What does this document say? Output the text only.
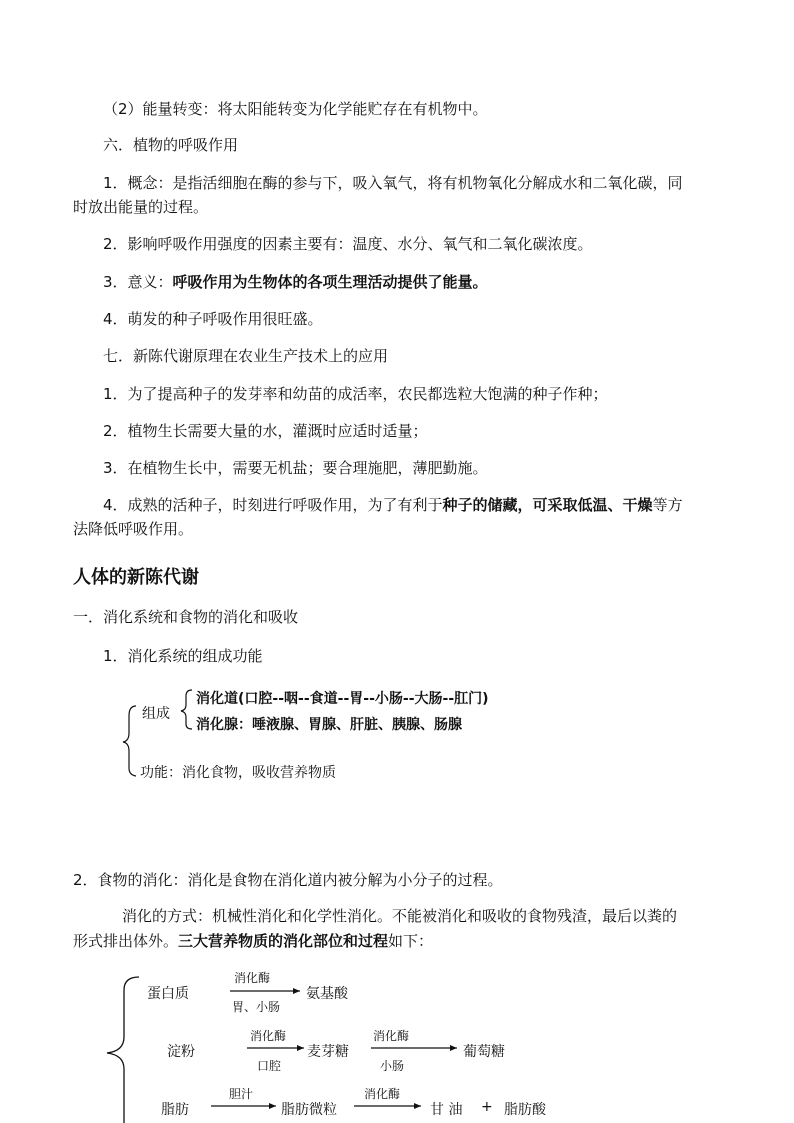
（2）能量转变：将太阳能转变为化学能贮存在有机物中。
六．植物的呼吸作用
1．概念：是指活细胞在酶的参与下，吸入氧气，将有机物氧化分解成水和二氧化碳，同
时放出能量的过程。
2．影响呼吸作用强度的因素主要有：温度、水分、氧气和二氧化碳浓度。
3．意义：呼吸作用为生物体的各项生理活动提供了能量。
4．萌发的种子呼吸作用很旺盛。
七．新陈代谢原理在农业生产技术上的应用
1．为了提高种子的发芽率和幼苗的成活率，农民都选粒大饱满的种子作种；
2．植物生长需要大量的水，灌溉时应适时适量；
3．在植物生长中，需要无机盐；要合理施肥，薄肥勤施。
4．成熟的活种子，时刻进行呼吸作用，为了有利于种子的储藏，可采取低温、干燥等方
法降低呼吸作用。
人体的新陈代谢
一．消化系统和食物的消化和吸收
1．消化系统的组成功能
组成
消化道(口腔--咽--食道--胃--小肠--大肠--肛门)
消化腺：唾液腺、胃腺、肝脏、胰腺、肠腺
功能：消化食物，吸收营养物质
2．食物的消化：消化是食物在消化道内被分解为小分子的过程。
消化的方式：机械性消化和化学性消化。不能被消化和吸收的食物残渣，最后以粪的
形式排出体外。三大营养物质的消化部位和过程如下：
蛋白质
消化酶
胃、小肠
氨基酸
淀粉
消化酶
口腔
麦芽糖
消化酶
小肠
葡萄糖
脂肪
胆汁
脂肪微粒
消化酶
甘 油 + 脂肪酸
